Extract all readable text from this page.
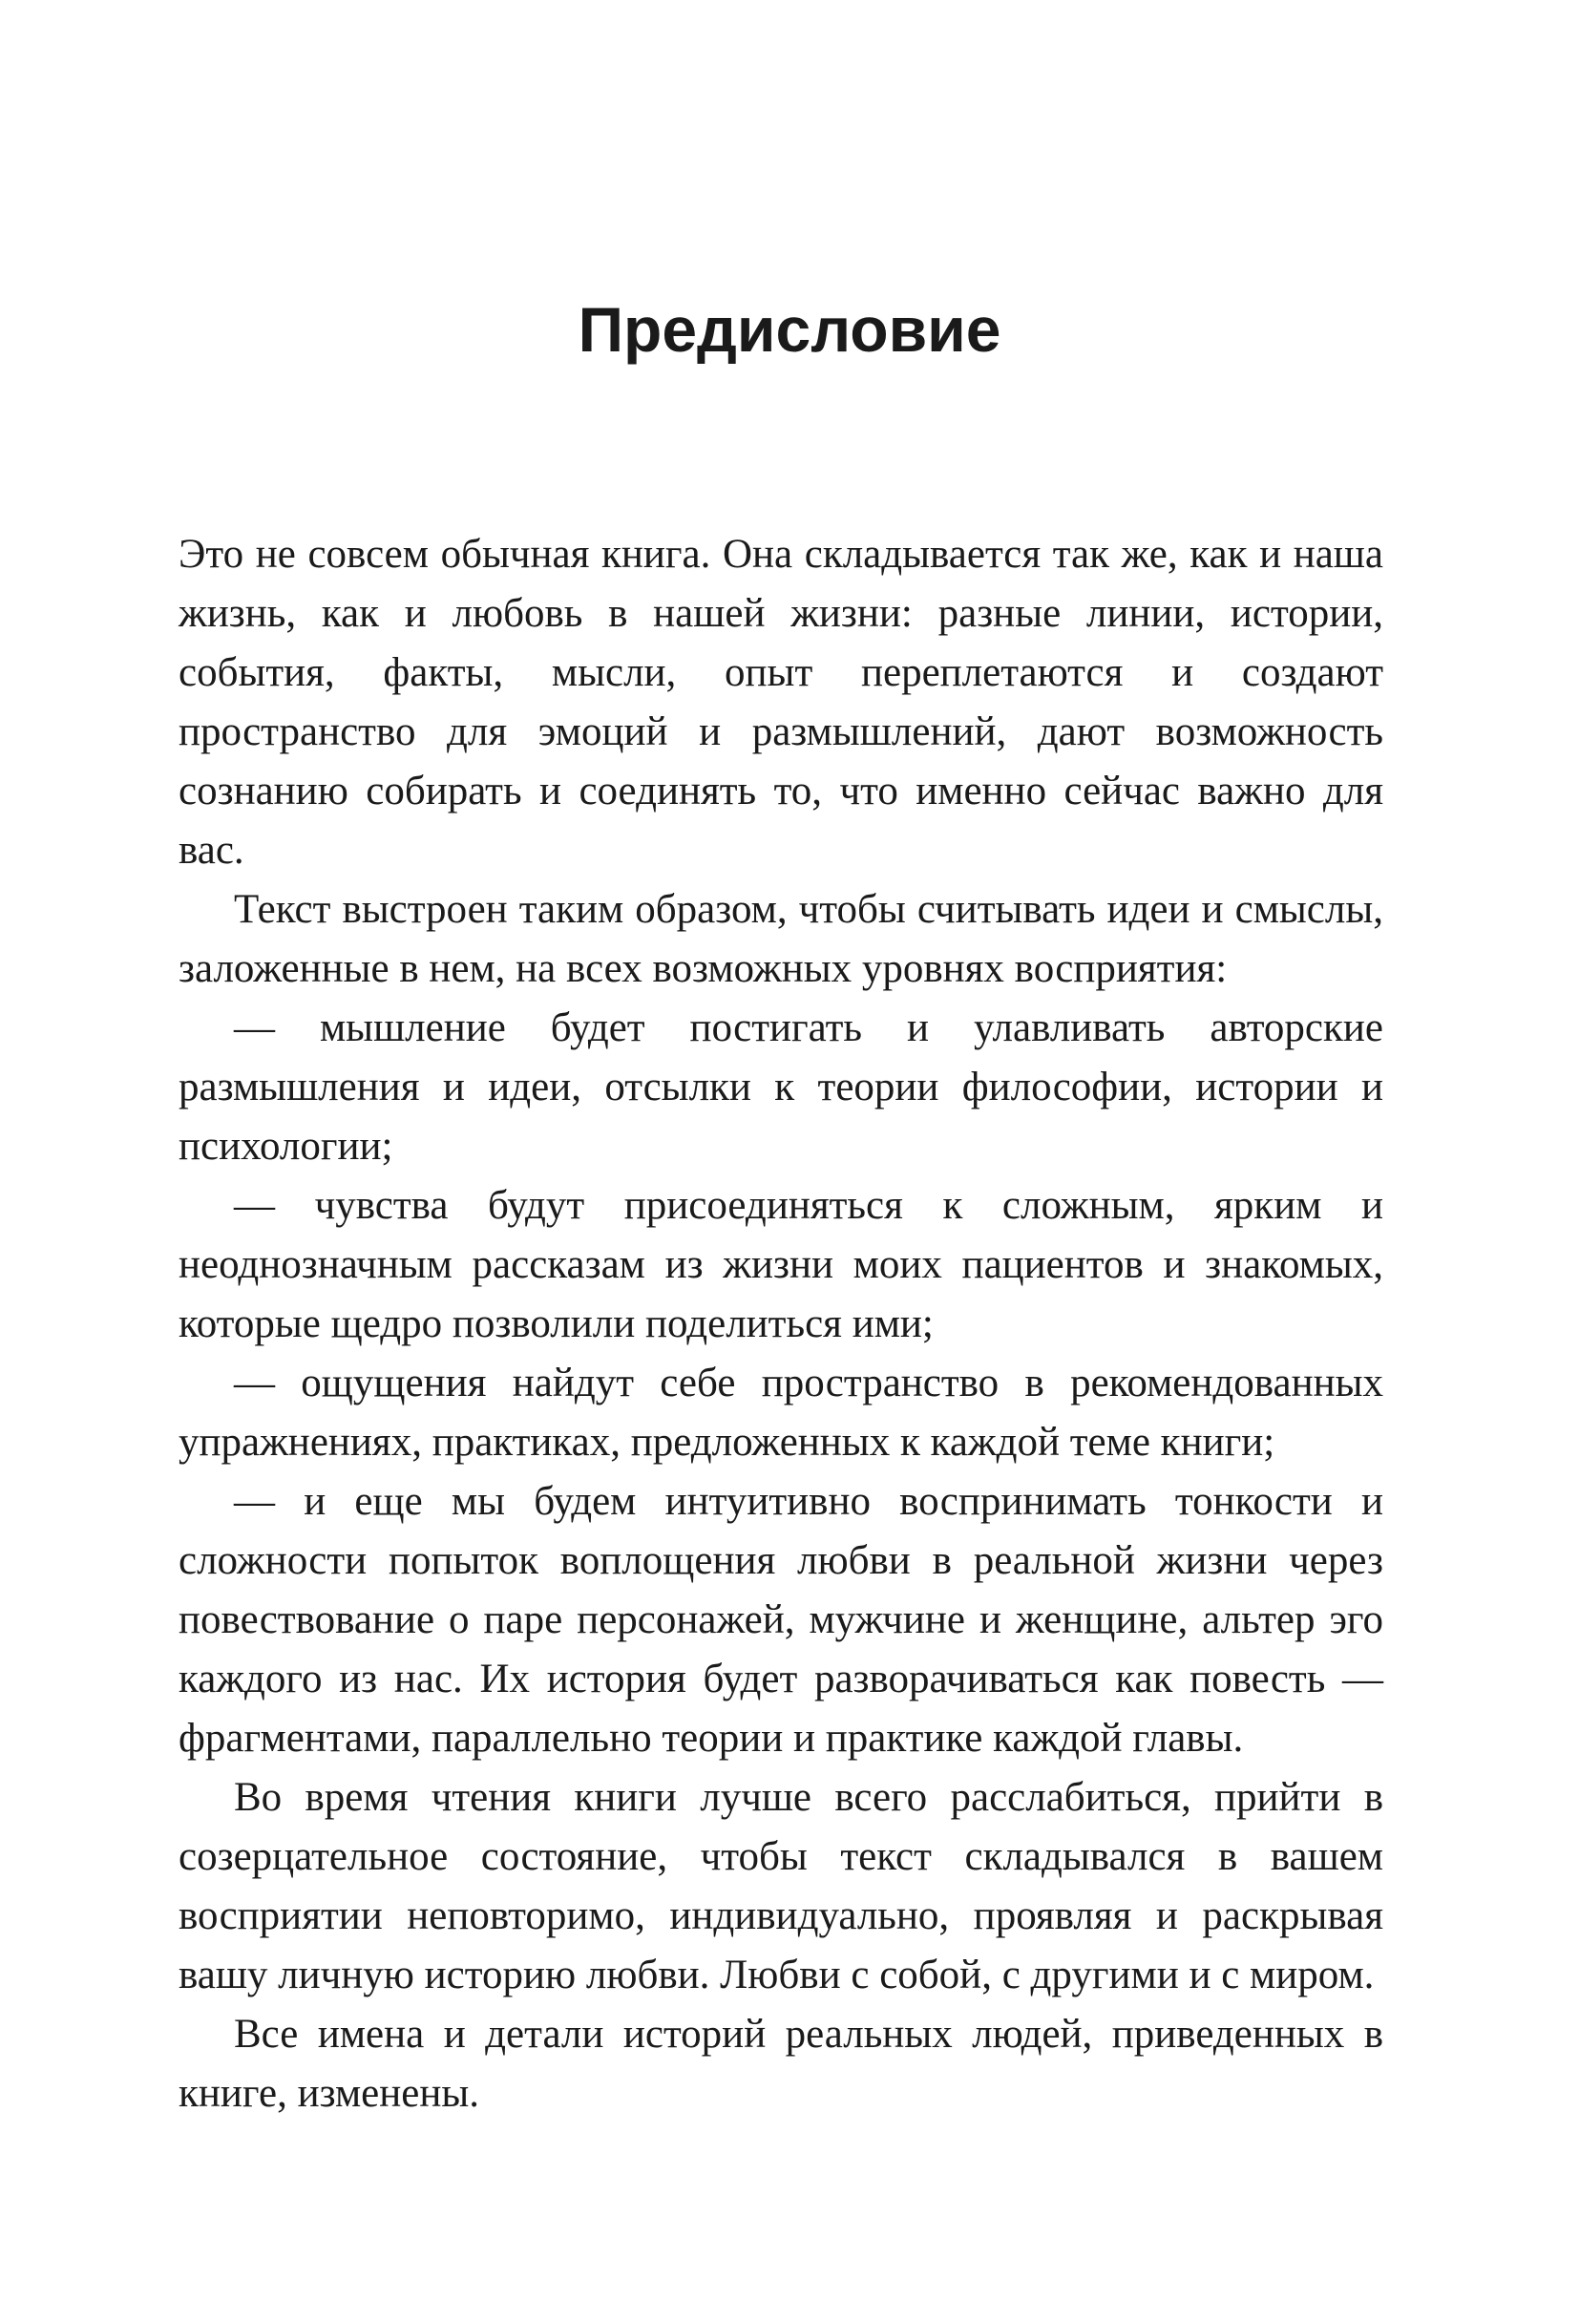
Предисловие

Это не совсем обычная книга. Она складывается так же, как и наша жизнь, как и любовь в нашей жизни: разные линии, истории, события, факты, мысли, опыт переплетаются и создают пространство для эмоций и размышлений, дают возможность сознанию собирать и соединять то, что именно сейчас важно для вас.

Текст выстроен таким образом, чтобы считывать идеи и смыслы, заложенные в нем, на всех возможных уровнях восприятия:

— мышление будет постигать и улавливать авторские размышления и идеи, отсылки к теории философии, истории и психологии;

— чувства будут присоединяться к сложным, ярким и неоднозначным рассказам из жизни моих пациентов и знакомых, которые щедро позволили поделиться ими;

— ощущения найдут себе пространство в рекомендованных упражнениях, практиках, предложенных к каждой теме книги;

— и еще мы будем интуитивно воспринимать тонкости и сложности попыток воплощения любви в реальной жизни через повествование о паре персонажей, мужчине и женщине, альтер эго каждого из нас. Их история будет разворачиваться как повесть — фрагментами, параллельно теории и практике каждой главы.

Во время чтения книги лучше всего расслабиться, прийти в созерцательное состояние, чтобы текст складывался в вашем восприятии неповторимо, индивидуально, проявляя и раскрывая вашу личную историю любви. Любви с собой, с другими и с миром.

Все имена и детали историй реальных людей, приведенных в книге, изменены.
